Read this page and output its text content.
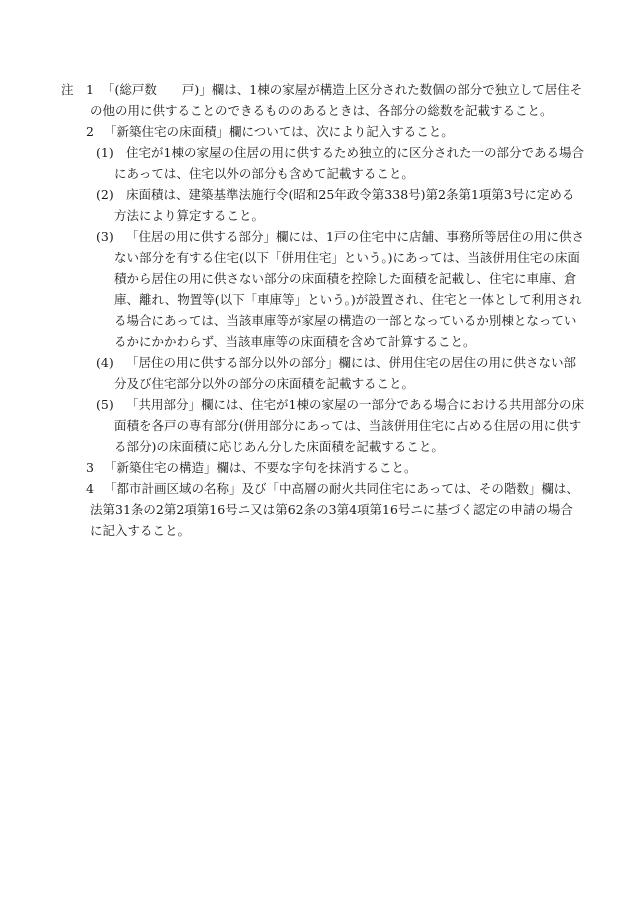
注 1 「(総戸数　　戸)」欄は、1棟の家屋が構造上区分された数個の部分で独立して居住その他の用に供することのできるもののあるときは、各部分の総数を記載すること。
2 「新築住宅の床面積」欄については、次により記入すること。
(1) 住宅が1棟の家屋の住居の用に供するため独立的に区分された一の部分である場合にあっては、住宅以外の部分も含めて記載すること。
(2) 床面積は、建築基準法施行令(昭和25年政令第338号)第2条第1項第3号に定める方法により算定すること。
(3) 「住居の用に供する部分」欄には、1戸の住宅中に店舗、事務所等居住の用に供さない部分を有する住宅(以下「併用住宅」という。)にあっては、当該併用住宅の床面積から居住の用に供さない部分の床面積を控除した面積を記載し、住宅に車庫、倉庫、離れ、物置等(以下「車庫等」という。)が設置され、住宅と一体として利用される場合にあっては、当該車庫等が家屋の構造の一部となっているか別棟となっているかにかかわらず、当該車庫等の床面積を含めて計算すること。
(4) 「居住の用に供する部分以外の部分」欄には、併用住宅の居住の用に供さない部分及び住宅部分以外の部分の床面積を記載すること。
(5) 「共用部分」欄には、住宅が1棟の家屋の一部分である場合における共用部分の床面積を各戸の専有部分(併用部分にあっては、当該併用住宅に占める住居の用に供する部分)の床面積に応じあん分した床面積を記載すること。
3 「新築住宅の構造」欄は、不要な字句を抹消すること。
4 「都市計画区域の名称」及び「中高層の耐火共同住宅にあっては、その階数」欄は、法第31条の2第2項第16号ニ又は第62条の3第4項第16号ニに基づく認定の申請の場合に記入すること。
